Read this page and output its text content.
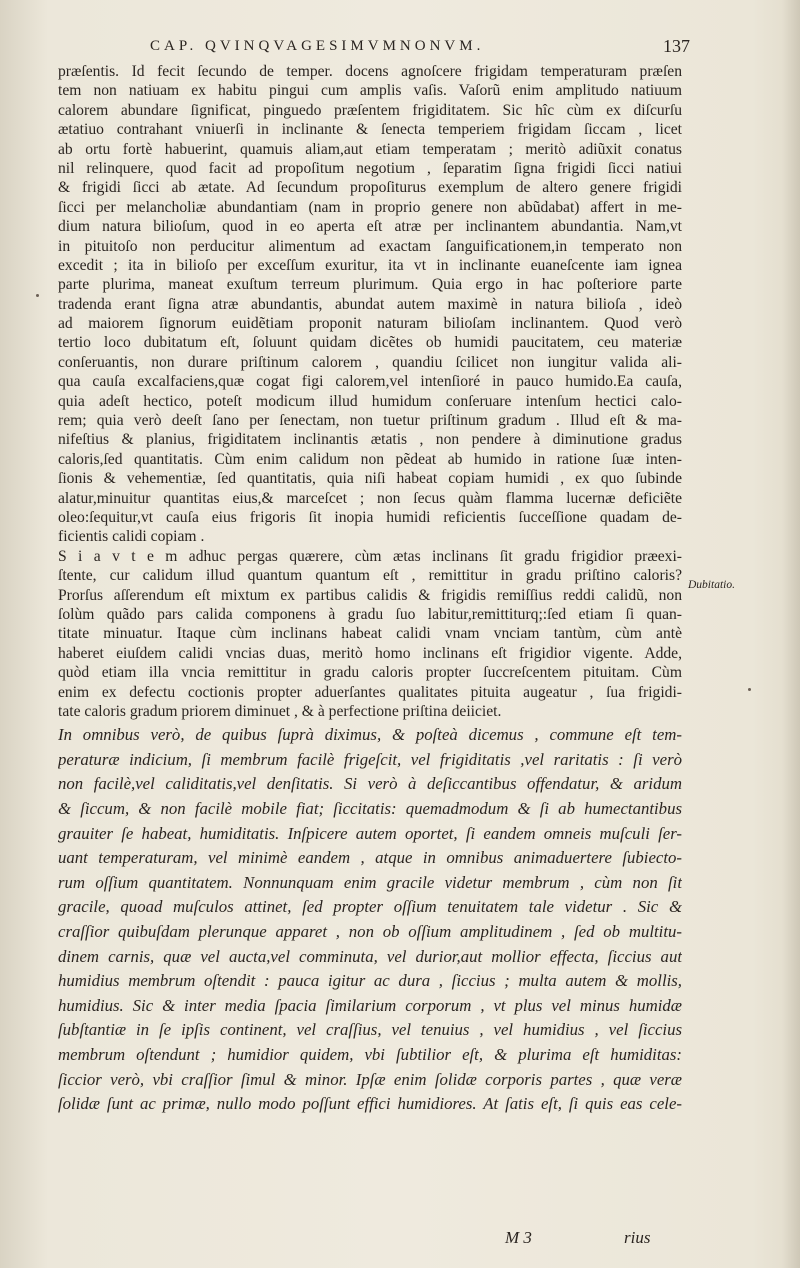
CAP. QVINQVAGESIMVMNONVM.	137
præſentis. Id fecit ſecundo de temper. docens agnoſcere frigidam temperaturam præſen
tem non natiuam ex habitu pingui cum amplis vaſis. Vaſorũ enim amplitudo natiuum
calorem abundare ſignificat, pinguedo præſentem frigiditatem. Sic hîc cùm ex diſcurſu
ætatiuo contrahant vniuerſi in inclinante & ſenecta temperiem frigidam ſiccam , licet
ab ortu fortè habuerint, quamuis aliam,aut etiam temperatam ; meritò adiũxit conatus
nil relinquere, quod facit ad propoſitum negotium , ſeparatim ſigna frigidi ſicci natiui
& frigidi ſicci ab ætate. Ad ſecundum propoſiturus exemplum de altero genere frigidi
ſicci per melancholiæ abundantiam (nam in proprio genere non abũdabat) affert in me-
dium natura bilioſum, quod in eo aperta eſt atræ per inclinantem abundantia. Nam,vt
in pituitoſo non perducitur alimentum ad exactam ſanguificationem,in temperato non
excedit ; ita in bilioſo per exceſſum exuritur, ita vt in inclinante euaneſcente iam ignea
parte plurima, maneat exuſtum terreum plurimum. Quia ergo in hac poſteriore parte
tradenda erant ſigna atræ abundantis, abundat autem maximè in natura bilioſa , ideò
ad maiorem ſignorum euidẽtiam proponit naturam bilioſam inclinantem. Quod verò
tertio loco dubitatum eſt, ſoluunt quidam dicẽtes ob humidi paucitatem, ceu materiæ
conſeruantis, non durare priſtinum calorem , quandiu ſcilicet non iungitur valida ali-
qua cauſa excalfaciens,quæ cogat figi calorem,vel intenſioré in pauco humido.Ea cauſa,
quia adeſt hectico, poteſt modicum illud humidum conſeruare intenſum hectici calo-
rem; quia verò deeſt ſano per ſenectam, non tuetur priſtinum gradum . Illud eſt & ma-
nifeſtius & planius, frigiditatem inclinantis ætatis , non pendere à diminutione gradus
caloris,ſed quantitatis. Cùm enim calidum non pẽdeat ab humido in ratione ſuæ inten-
ſionis & vehementiæ, ſed quantitatis, quia niſi habeat copiam humidi , ex quo ſubinde
alatur,minuitur quantitas eius,& marceſcet ; non ſecus quàm flamma lucernæ deficiẽte
oleo:ſequitur,vt cauſa eius frigoris ſit inopia humidi reficientis ſucceſſione quadam de-
ficientis calidi copiam .
S i a v t e m adhuc pergas quærere, cùm ætas inclinans ſit gradu frigidior præexi-
ſtente, cur calidum illud quantum quantum eſt , remittitur in gradu priſtino caloris?
Prorſus aſſerendum eſt mixtum ex partibus calidis & frigidis remiſſius reddi calidũ, non
ſolùm quãdo pars calida componens à gradu ſuo labitur,remittiturq;:ſed etiam ſi quan-
titate minuatur. Itaque cùm inclinans habeat calidi vnam vnciam tantùm, cùm antè
haberet eiuſdem calidi vncias duas, meritò homo inclinans eſt frigidior vigente. Adde,
quòd etiam illa vncia remittitur in gradu caloris propter ſuccreſcentem pituitam. Cùm
enim ex defectu coctionis propter aduerſantes qualitates pituita augeatur , ſua frigidi-
tate caloris gradum priorem diminuet , & à perfectione priſtina deiiciet.
In omnibus verò, de quibus ſuprà diximus, & poſteà dicemus , commune eſt tem-
peraturæ indicium, ſi membrum facilè frigeſcit, vel frigiditatis ,vel raritatis : ſi verò
non facilè,vel caliditatis,vel denſitatis. Si verò à deſiccantibus offendatur, & aridum
& ſiccum, & non facilè mobile fiat; ſiccitatis: quemadmodum & ſi ab humectantibus
grauiter ſe habeat, humiditatis. Inſpicere autem oportet, ſi eandem omneis muſculi ſer-
uant temperaturam, vel minimè eandem , atque in omnibus animaduertere ſubiecto-
rum oſſium quantitatem. Nonnunquam enim gracile videtur membrum , cùm non ſit
gracile, quoad muſculos attinet, ſed propter oſſium tenuitatem tale videtur . Sic &
craſſior quibuſdam plerunque apparet , non ob oſſium amplitudinem , ſed ob multitu-
dinem carnis, quæ vel aucta,vel comminuta, vel durior,aut mollior effecta, ſiccius aut
humidius membrum oſtendit : pauca igitur ac dura , ſiccius ; multa autem & mollis,
humidius. Sic & inter media ſpacia ſimilarium corporum , vt plus vel minus humidæ
ſubſtantiæ in ſe ipſis continent, vel craſſius, vel tenuius , vel humidius , vel ſiccius
membrum oſtendunt ; humidior quidem, vbi ſubtilior eſt, & plurima eſt humiditas:
ſiccior verò, vbi craſſior ſimul & minor. Ipſæ enim ſolidæ corporis partes , quæ veræ
ſolidæ ſunt ac primæ, nullo modo poſſunt effici humidiores. At ſatis eſt, ſi quis eas cele-
Dubitatio.
M 3	rius
